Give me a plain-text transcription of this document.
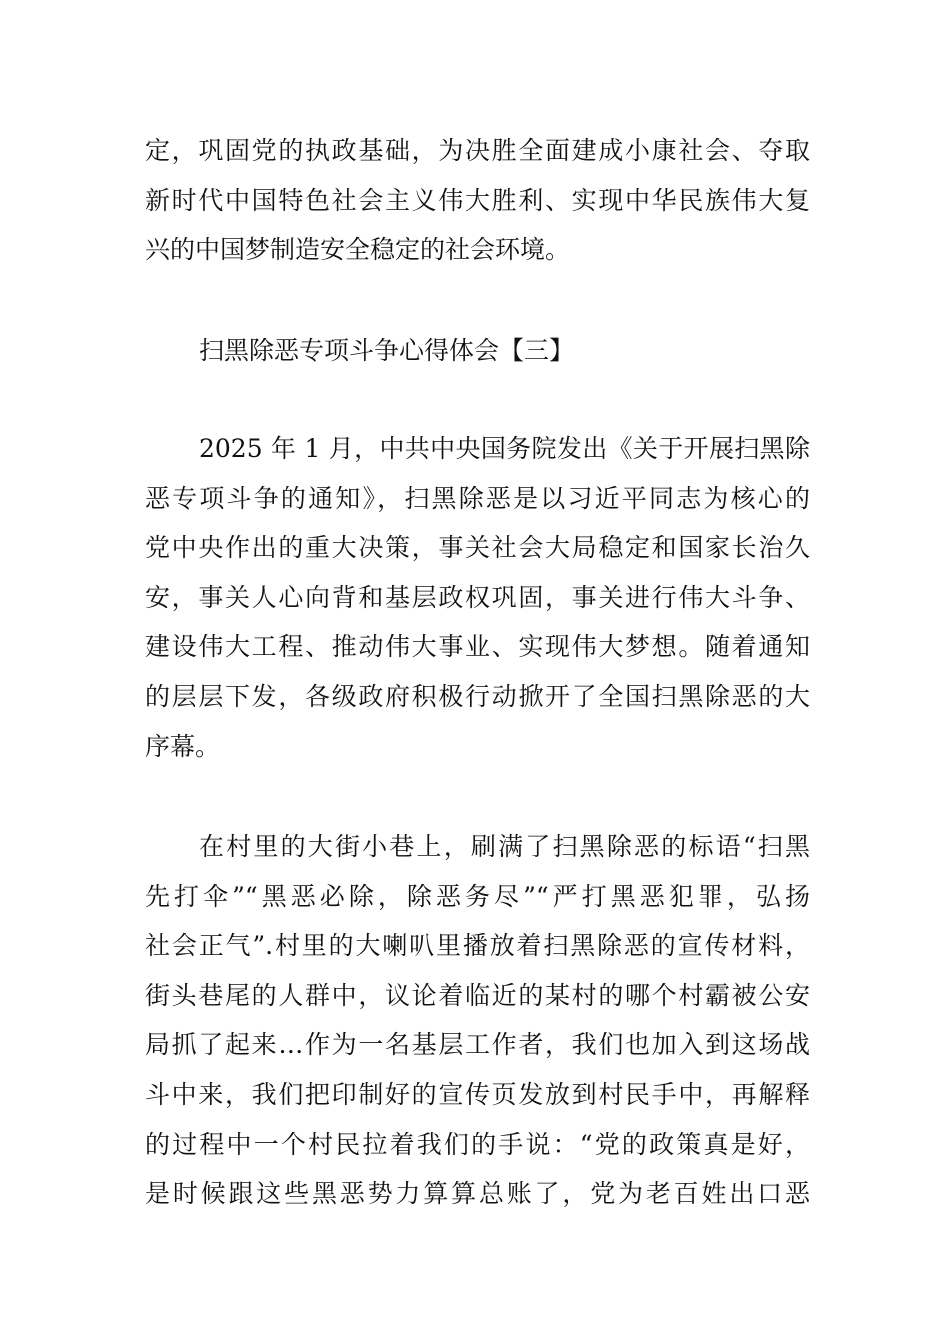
定，巩固党的执政基础，为决胜全面建成小康社会、夺取
新时代中国特色社会主义伟大胜利、实现中华民族伟大复
兴的中国梦制造安全稳定的社会环境。
扫黑除恶专项斗争心得体会【三】
2025 年 1 月，中共中央国务院发出《关于开展扫黑除
恶专项斗争的通知》，扫黑除恶是以习近平同志为核心的
党中央作出的重大决策，事关社会大局稳定和国家长治久
安，事关人心向背和基层政权巩固，事关进行伟大斗争、
建设伟大工程、推动伟大事业、实现伟大梦想。随着通知
的层层下发，各级政府积极行动掀开了全国扫黑除恶的大
序幕。
在村里的大街小巷上，刷满了扫黑除恶的标语“扫黑
先打伞”“黑恶必除，除恶务尽”“严打黑恶犯罪，弘扬
社会正气”.村里的大喇叭里播放着扫黑除恶的宣传材料，
街头巷尾的人群中，议论着临近的某村的哪个村霸被公安
局抓了起来…作为一名基层工作者，我们也加入到这场战
斗中来，我们把印制好的宣传页发放到村民手中，再解释
的过程中一个村民拉着我们的手说：“党的政策真是好，
是时候跟这些黑恶势力算算总账了，党为老百姓出口恶
